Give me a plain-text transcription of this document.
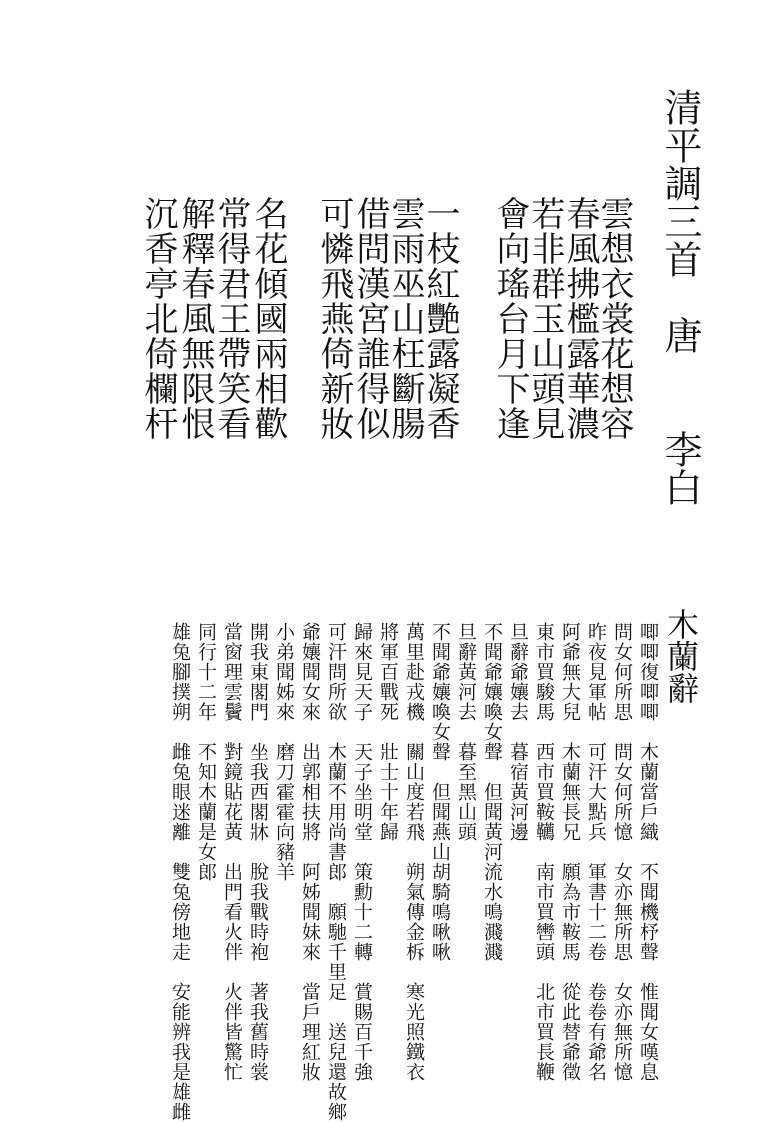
清平調三首　唐　　李白
雲想衣裳花想容
春風拂檻露華濃
若非群玉山頭見
會向瑤台月下逢
一枝紅艷露凝香
雲雨巫山枉斷腸
借問漢宮誰得似
可憐飛燕倚新妝
名花傾國兩相歡
常得君王帶笑看
解釋春風無限恨
沉香亭北倚欄杆
木蘭辭
唧唧復唧唧　木蘭當戶織　不聞機杼聲　惟聞女嘆息
問女何所思　問女何所憶　女亦無所思　女亦無所憶
昨夜見軍帖　可汗大點兵　軍書十二卷　卷卷有爺名
阿爺無大兒　木蘭無長兄　願為市鞍馬　從此替爺徵
東市買駿馬　西市買鞍韉　南市買轡頭　北市買長鞭
旦辭爺孃去　暮宿黃河邊
不聞爺孃喚女聲　但聞黃河流水鳴濺濺
旦辭黃河去　暮至黑山頭
不聞爺孃喚女聲　但聞燕山胡騎鳴啾啾
萬里赴戎機　關山度若飛　朔氣傳金柝　寒光照鐵衣
將軍百戰死　壯士十年歸
歸來見天子　天子坐明堂　策勳十二轉　賞賜百千強
可汗問所欲　木蘭不用尚書郎　願馳千里足　送兒還故鄉
爺孃聞女來　出郭相扶將　阿姊聞妹來　當戶理紅妝
小弟聞姊來　磨刀霍霍向豬羊
開我東閣門　坐我西閣牀　脫我戰時袍　著我舊時裳
當窗理雲鬢　對鏡貼花黃　出門看火伴　火伴皆驚忙
同行十二年　不知木蘭是女郎
雄兔腳撲朔　雌兔眼迷離　雙兔傍地走　安能辨我是雄雌
